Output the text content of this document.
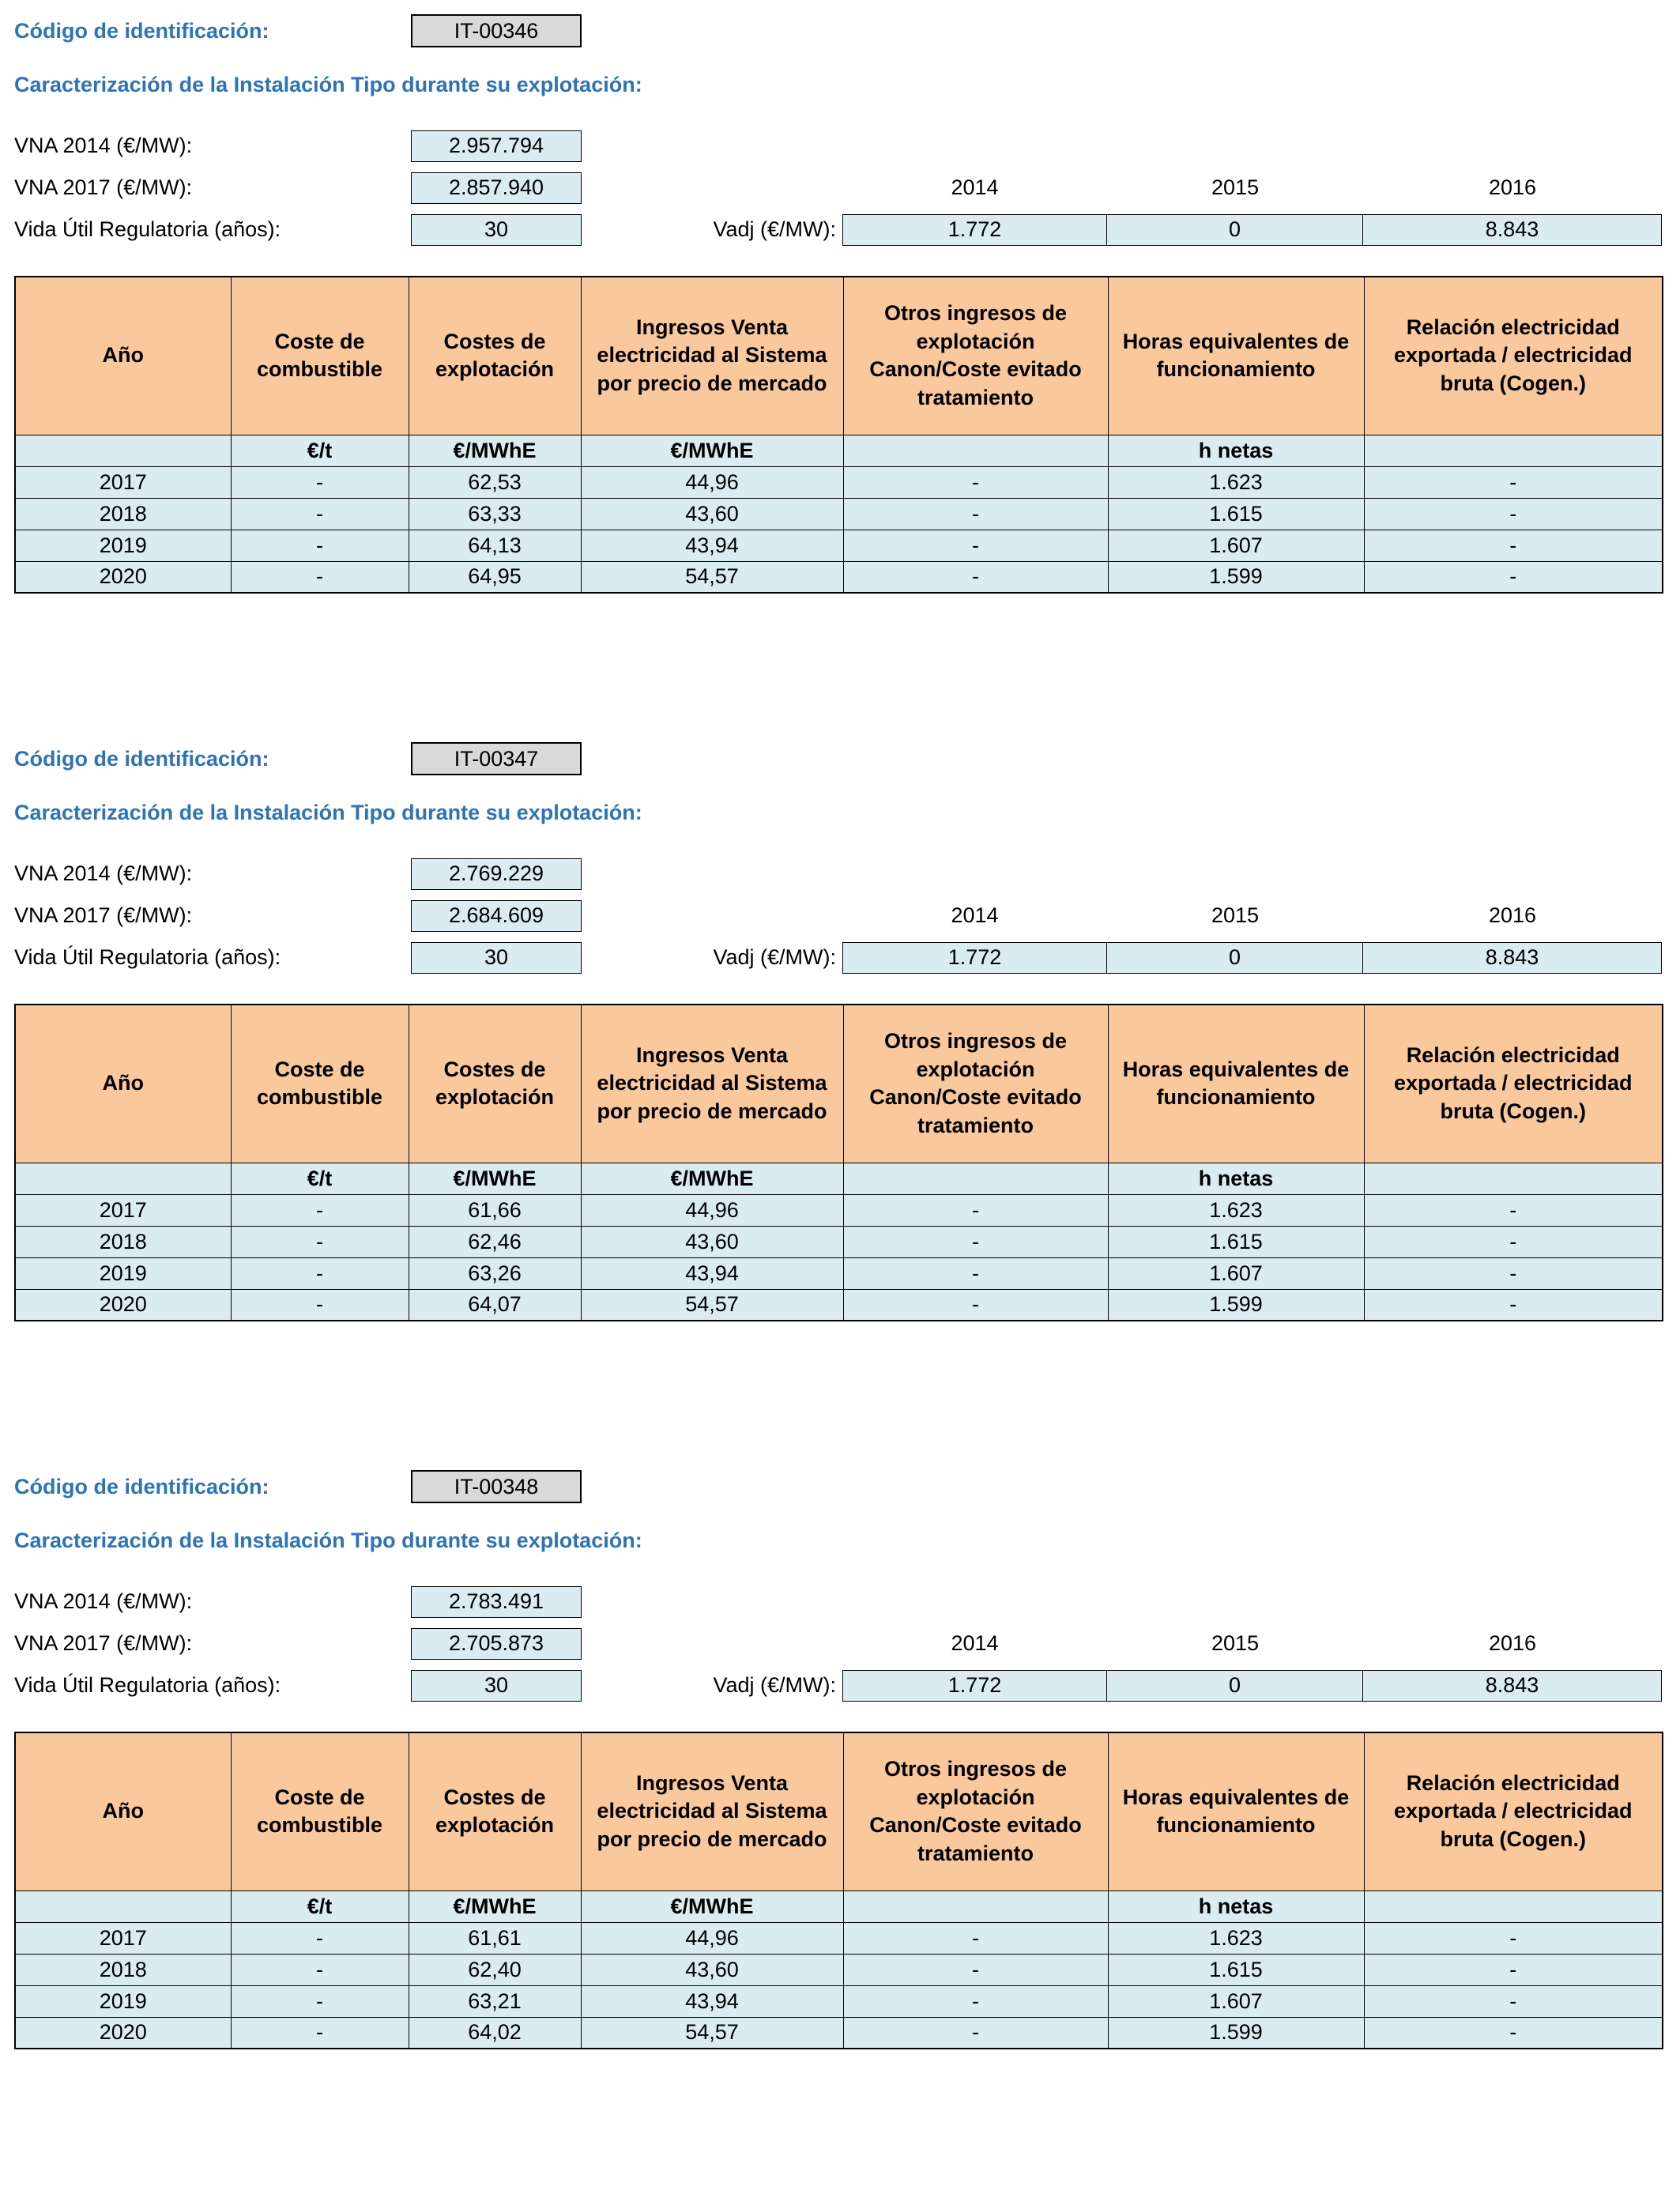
Código de identificación:	IT-00346
Caracterización de la Instalación Tipo durante su explotación:
VNA 2014 (€/MW):	2.957.794
VNA 2017 (€/MW):	2.857.940	2014	2015	2016
Vida Útil Regulatoria (años):	30	Vadj (€/MW):	1.772	0	8.843
Año	Coste de combustible	Costes de explotación	Ingresos Venta electricidad al Sistema por precio de mercado	Otros ingresos de explotación Canon/Coste evitado tratamiento	Horas equivalentes de funcionamiento	Relación electricidad exportada / electricidad bruta (Cogen.)
	€/t	€/MWhE	€/MWhE		h netas	
2017	-	62,53	44,96	-	1.623	-
2018	-	63,33	43,60	-	1.615	-
2019	-	64,13	43,94	-	1.607	-
2020	-	64,95	54,57	-	1.599	-
Código de identificación:	IT-00347
Caracterización de la Instalación Tipo durante su explotación:
VNA 2014 (€/MW):	2.769.229
VNA 2017 (€/MW):	2.684.609	2014	2015	2016
Vida Útil Regulatoria (años):	30	Vadj (€/MW):	1.772	0	8.843
Año	Coste de combustible	Costes de explotación	Ingresos Venta electricidad al Sistema por precio de mercado	Otros ingresos de explotación Canon/Coste evitado tratamiento	Horas equivalentes de funcionamiento	Relación electricidad exportada / electricidad bruta (Cogen.)
	€/t	€/MWhE	€/MWhE		h netas	
2017	-	61,66	44,96	-	1.623	-
2018	-	62,46	43,60	-	1.615	-
2019	-	63,26	43,94	-	1.607	-
2020	-	64,07	54,57	-	1.599	-
Código de identificación:	IT-00348
Caracterización de la Instalación Tipo durante su explotación:
VNA 2014 (€/MW):	2.783.491
VNA 2017 (€/MW):	2.705.873	2014	2015	2016
Vida Útil Regulatoria (años):	30	Vadj (€/MW):	1.772	0	8.843
Año	Coste de combustible	Costes de explotación	Ingresos Venta electricidad al Sistema por precio de mercado	Otros ingresos de explotación Canon/Coste evitado tratamiento	Horas equivalentes de funcionamiento	Relación electricidad exportada / electricidad bruta (Cogen.)
	€/t	€/MWhE	€/MWhE		h netas	
2017	-	61,61	44,96	-	1.623	-
2018	-	62,40	43,60	-	1.615	-
2019	-	63,21	43,94	-	1.607	-
2020	-	64,02	54,57	-	1.599	-
